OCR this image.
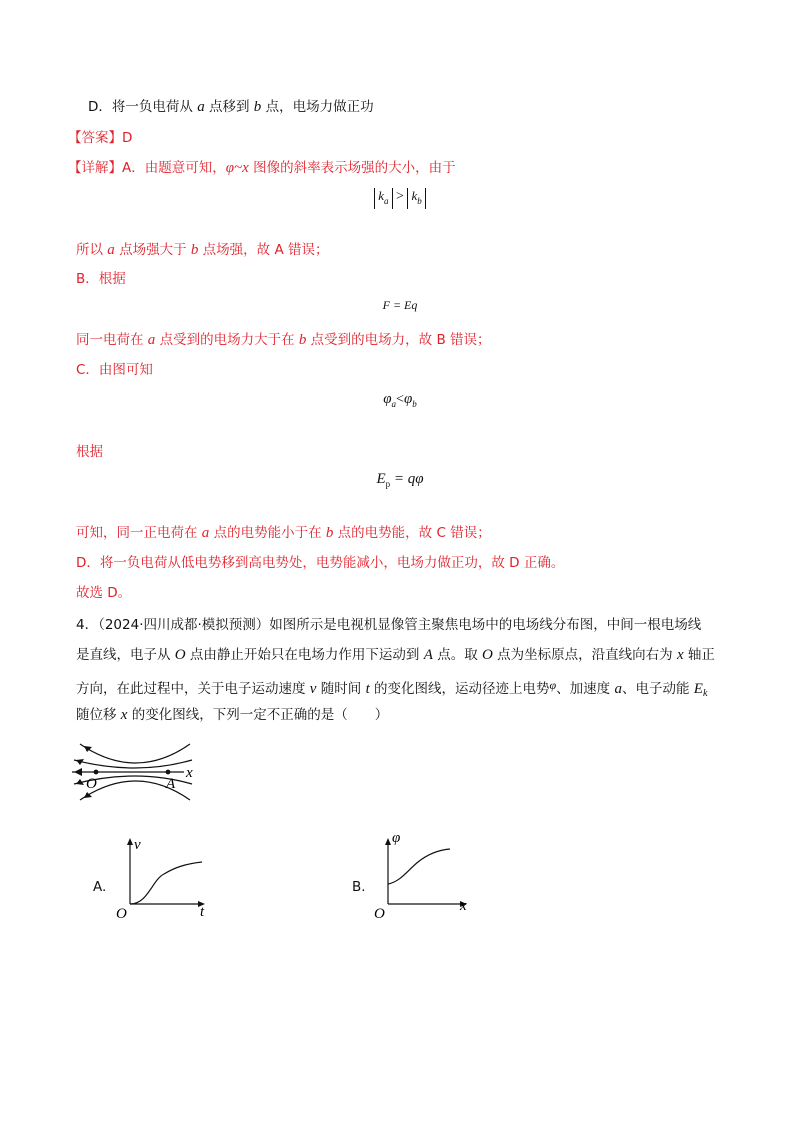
D．将一负电荷从 a 点移到 b 点，电场力做正功
【答案】D
【详解】A．由题意可知，φ~x 图像的斜率表示场强的大小，由于
$k_a > k_b$
所以 a 点场强大于 b 点场强，故 A 错误；
B．根据
F = Eq
同一电荷在 a 点受到的电场力大于在 b 点受到的电场力，故 B 错误；
C．由图可知
$\varphi_a<\varphi_b$
根据
$E_p = q\varphi$
可知，同一正电荷在 a 点的电势能小于在 b 点的电势能，故 C 错误；
D．将一负电荷从低电势移到高电势处，电势能减小，电场力做正功，故 D 正确。
故选 D。
4．（2024·四川成都·模拟预测）如图所示是电视机显像管主聚焦电场中的电场线分布图，中间一根电场线
是直线，电子从 O 点由静止开始只在电场力作用下运动到 A 点。取 O 点为坐标原点，沿直线向右为 x 轴正
方向，在此过程中，关于电子运动速度 v 随时间 t 的变化图线，运动径迹上电势φ、加速度 a、电子动能 $E_k$
随位移 x 的变化图线，下列一定不正确的是（　　）
O	A
x
A.
v
t
O
B.
φ
x
O
